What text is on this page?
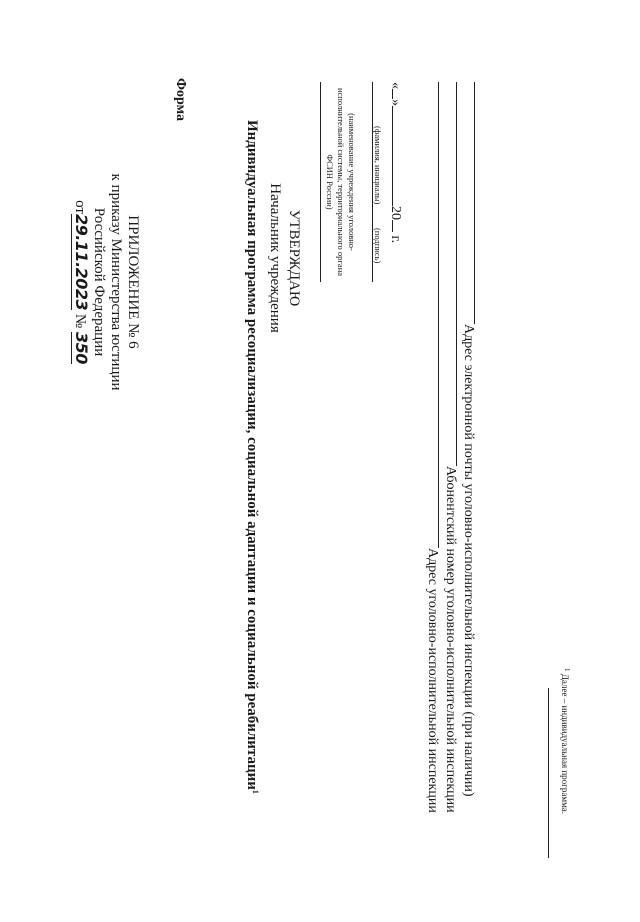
ПРИЛОЖЕНИЕ № 6
к приказу Министерства юстиции
Российской Федерации
от29.11.2023 № 350
Форма
УТВЕРЖДАЮ
Начальник учреждения
(наименование учреждения уголовно-исполнительной системы, территориального органа ФСИН России)
(подпись)
(фамилия, инициалы)
«»20 г.
Индивидуальная программа ресоциализации, социальной адаптации и социальной реабилитации$^1$	Адрес уголовно-исполнительной инспекции Абонентский номер уголовно-исполнительной инспекции Адрес электронной почты уголовно-исполнительной инспекции (при наличии)	$^1$ Далее – индивидуальная программа.
